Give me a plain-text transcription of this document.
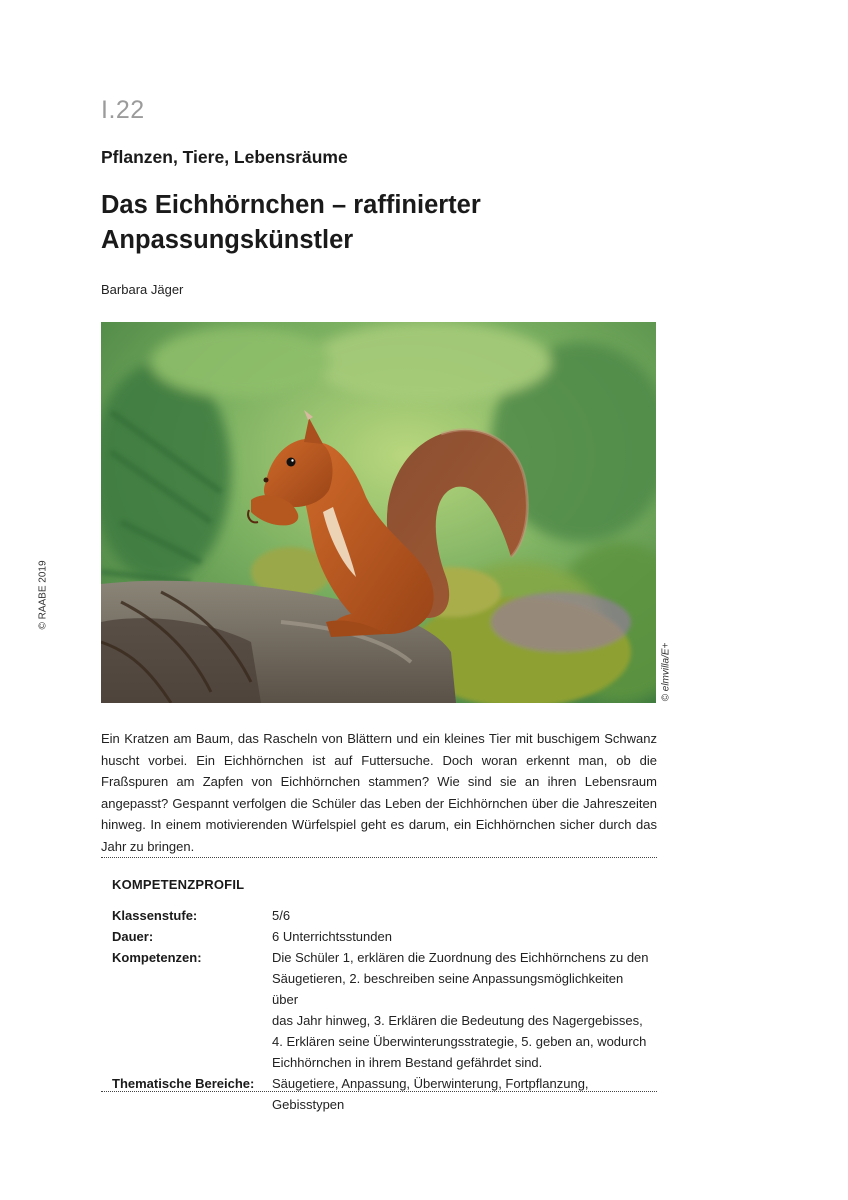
I.22
Pflanzen, Tiere, Lebensräume
Das Eichhörnchen – raffinierter
Anpassungskünstler
Barbara Jäger
© RAABE 2019
© elmvilla/E+

Ein Kratzen am Baum, das Rascheln von Blättern und ein kleines Tier mit buschigem Schwanz huscht vorbei. Ein Eichhörnchen ist auf Futtersuche. Doch woran erkennt man, ob die Fraßspuren am Zapfen von Eichhörnchen stammen? Wie sind sie an ihren Lebensraum angepasst? Gespannt verfolgen die Schüler das Leben der Eichhörnchen über die Jahreszeiten hinweg. In einem motivierenden Würfelspiel geht es darum, ein Eichhörnchen sicher durch das Jahr zu bringen.

KOMPETENZPROFIL
Klassenstufe:	5/6
Dauer:	6 Unterrichtsstunden
Kompetenzen:	Die Schüler 1, erklären die Zuordnung des Eichhörnchens zu den
Säugetieren, 2. beschreiben seine Anpassungsmöglichkeiten über
das Jahr hinweg, 3. Erklären die Bedeutung des Nagergebisses,
4. Erklären seine Überwinterungsstrategie, 5. geben an, wodurch
Eichhörnchen in ihrem Bestand gefährdet sind.
Thematische Bereiche:	Säugetiere, Anpassung, Überwinterung, Fortpflanzung, Gebisstypen
